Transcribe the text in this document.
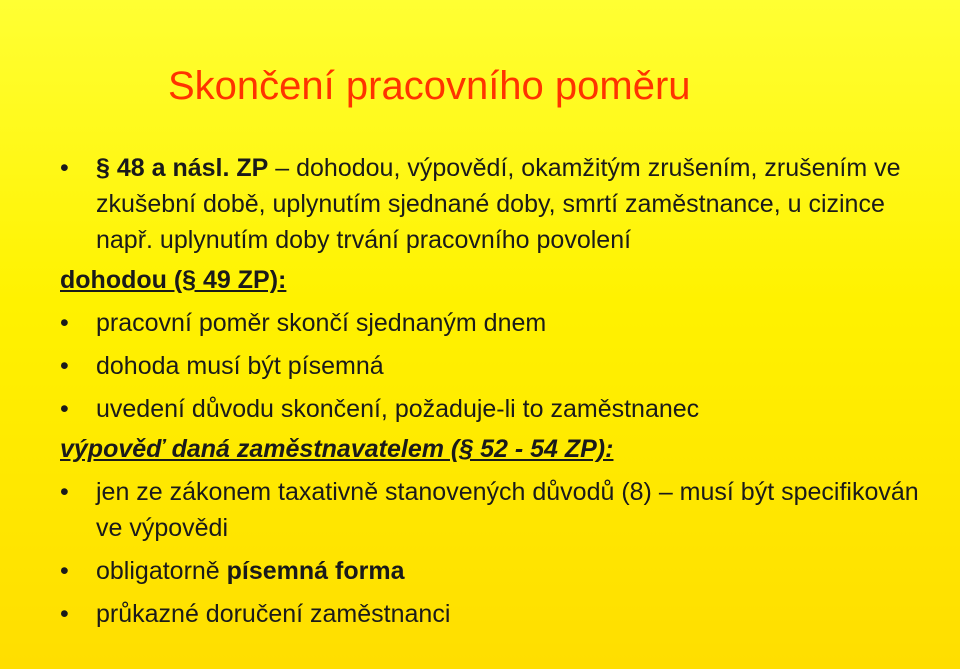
Skončení pracovního poměru

• § 48 a násl. ZP – dohodou, výpovědí, okamžitým zrušením, zrušením ve zkušební době, uplynutím sjednané doby, smrtí zaměstnance, u cizince např. uplynutím doby trvání pracovního povolení

dohodou (§ 49 ZP):

• pracovní poměr skončí sjednaným dnem

• dohoda musí být písemná

• uvedení důvodu skončení, požaduje-li to zaměstnanec

výpověď daná zaměstnavatelem (§ 52 - 54 ZP):

• jen ze zákonem taxativně stanovených důvodů (8) – musí být specifikován ve výpovědi

• obligatorně písemná forma

• průkazné doručení zaměstnanci
